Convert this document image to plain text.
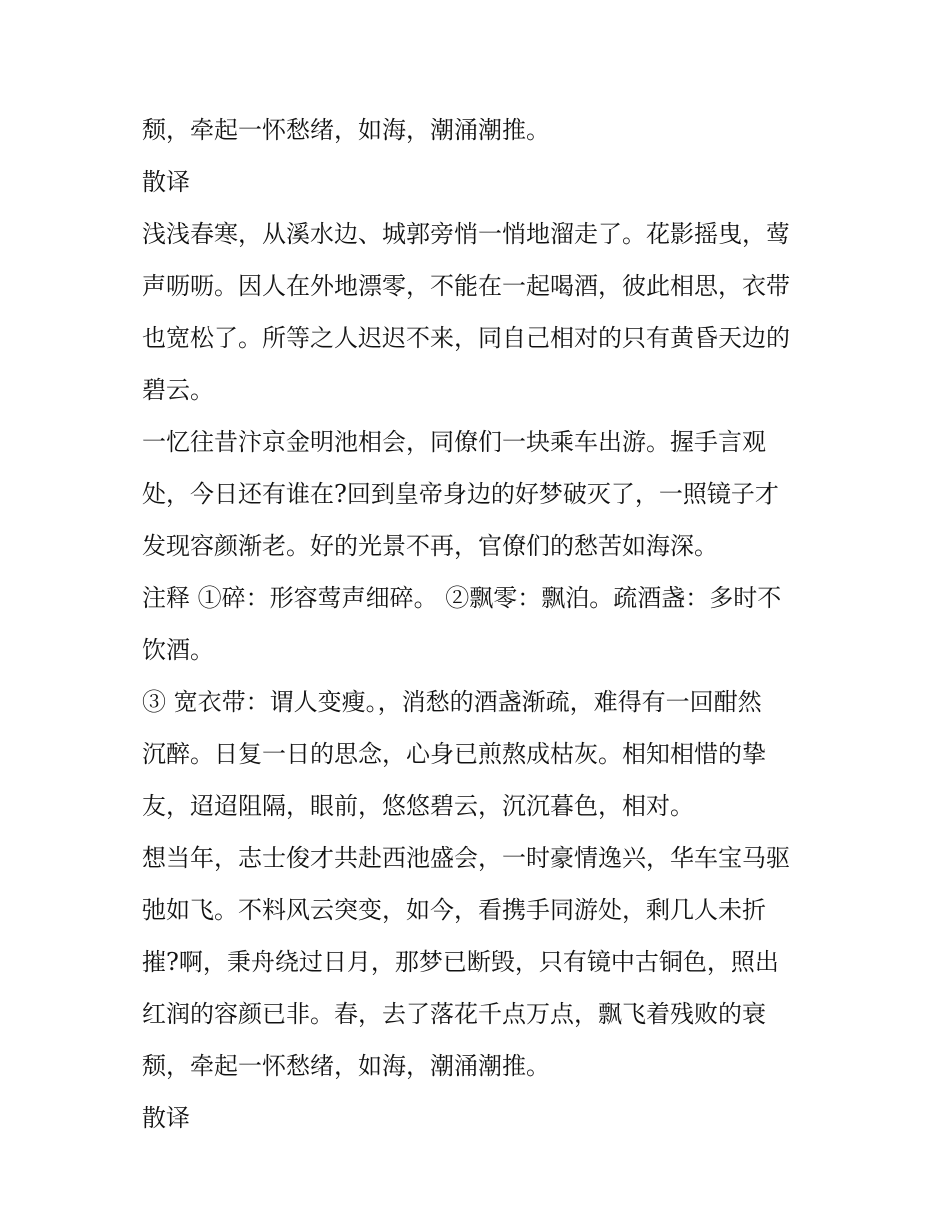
颓，牵起一怀愁绪，如海，潮涌潮推。
散译
浅浅春寒，从溪水边、城郭旁悄一悄地溜走了。花影摇曳，莺
声呖呖。因人在外地漂零，不能在一起喝酒，彼此相思，衣带
也宽松了。所等之人迟迟不来，同自己相对的只有黄昏天边的
碧云。
一忆往昔汴京金明池相会，同僚们一块乘车出游。握手言观
处，今日还有谁在?回到皇帝身边的好梦破灭了，一照镜子才
发现容颜渐老。好的光景不再，官僚们的愁苦如海深。
注释 ①碎：形容莺声细碎。 ②飘零：飘泊。疏酒盏：多时不
饮酒。
③ 宽衣带：谓人变瘦。，消愁的酒盏渐疏，难得有一回酣然
沉醉。日复一日的思念，心身已煎熬成枯灰。相知相惜的挚
友，迢迢阻隔，眼前，悠悠碧云，沉沉暮色，相对。
想当年，志士俊才共赴西池盛会，一时豪情逸兴，华车宝马驱
弛如飞。不料风云突变，如今，看携手同游处，剩几人未折
摧?啊，秉舟绕过日月，那梦已断毁，只有镜中古铜色，照出
红润的容颜已非。春，去了落花千点万点，飘飞着残败的衰
颓，牵起一怀愁绪，如海，潮涌潮推。
散译
